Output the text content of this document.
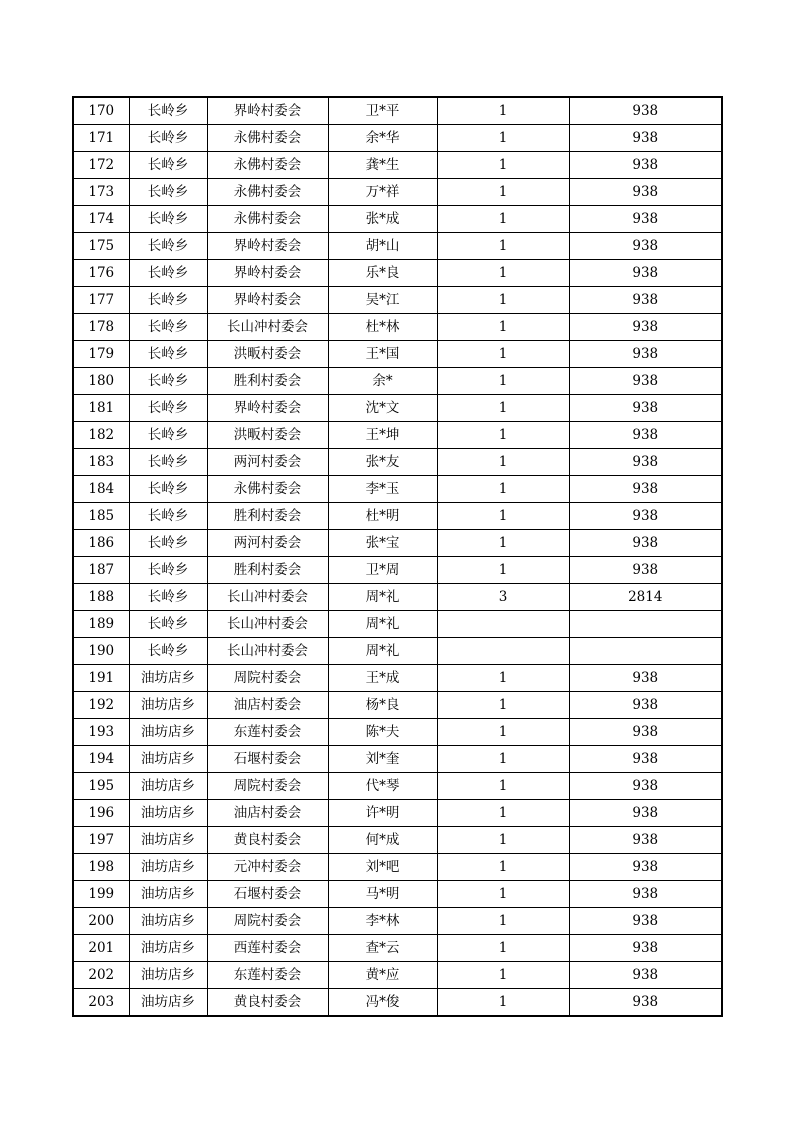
170	长岭乡	界岭村委会	卫*平	1	938
171	长岭乡	永佛村委会	余*华	1	938
172	长岭乡	永佛村委会	龚*生	1	938
173	长岭乡	永佛村委会	万*祥	1	938
174	长岭乡	永佛村委会	张*成	1	938
175	长岭乡	界岭村委会	胡*山	1	938
176	长岭乡	界岭村委会	乐*良	1	938
177	长岭乡	界岭村委会	吴*江	1	938
178	长岭乡	长山冲村委会	杜*林	1	938
179	长岭乡	洪畈村委会	王*国	1	938
180	长岭乡	胜利村委会	余*	1	938
181	长岭乡	界岭村委会	沈*文	1	938
182	长岭乡	洪畈村委会	王*坤	1	938
183	长岭乡	两河村委会	张*友	1	938
184	长岭乡	永佛村委会	李*玉	1	938
185	长岭乡	胜利村委会	杜*明	1	938
186	长岭乡	两河村委会	张*宝	1	938
187	长岭乡	胜利村委会	卫*周	1	938
188	长岭乡	长山冲村委会	周*礼	3	2814
189	长岭乡	长山冲村委会	周*礼		
190	长岭乡	长山冲村委会	周*礼		
191	油坊店乡	周院村委会	王*成	1	938
192	油坊店乡	油店村委会	杨*良	1	938
193	油坊店乡	东莲村委会	陈*夫	1	938
194	油坊店乡	石堰村委会	刘*奎	1	938
195	油坊店乡	周院村委会	代*琴	1	938
196	油坊店乡	油店村委会	许*明	1	938
197	油坊店乡	黄良村委会	何*成	1	938
198	油坊店乡	元冲村委会	刘*吧	1	938
199	油坊店乡	石堰村委会	马*明	1	938
200	油坊店乡	周院村委会	李*林	1	938
201	油坊店乡	西莲村委会	查*云	1	938
202	油坊店乡	东莲村委会	黄*应	1	938
203	油坊店乡	黄良村委会	冯*俊	1	938
